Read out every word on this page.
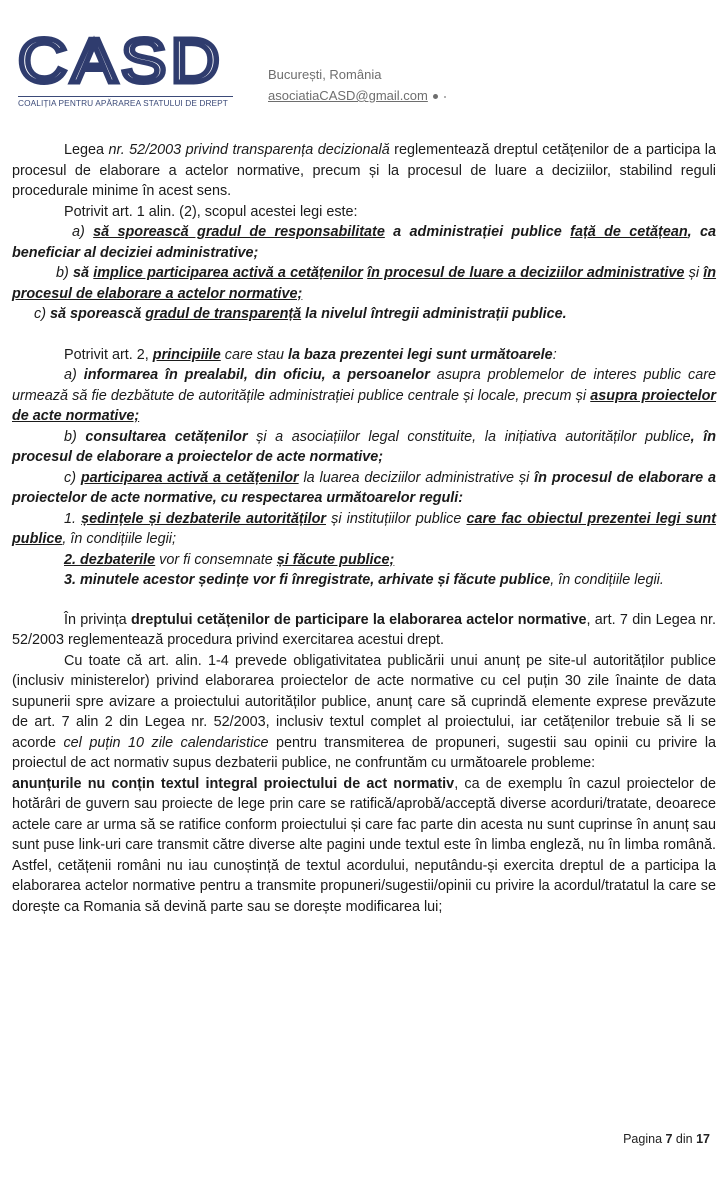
CASD
COALIȚIA PENTRU APĂRAREA STATULUI DE DREPT
București, România
asociatiaCASD@gmail.com

Legea nr. 52/2003 privind transparența decizională reglementează dreptul cetățenilor de a participa la procesul de elaborare a actelor normative, precum și la procesul de luare a deciziilor, stabilind reguli procedurale minime în acest sens.

Potrivit art. 1 alin. (2), scopul acestei legi este:

a) să sporească gradul de responsabilitate a administrației publice față de cetățean, ca beneficiar al deciziei administrative;

b) să implice participarea activă a cetățenilor în procesul de luare a deciziilor administrative și în procesul de elaborare a actelor normative;

c) să sporească gradul de transparență la nivelul întregii administrații publice.

Potrivit art. 2, principiile care stau la baza prezentei legi sunt următoarele:

a) informarea în prealabil, din oficiu, a persoanelor asupra problemelor de interes public care urmează să fie dezbătute de autoritățile administrației publice centrale și locale, precum și asupra proiectelor de acte normative;

b) consultarea cetățenilor și a asociațiilor legal constituite, la inițiativa autorităților publice, în procesul de elaborare a proiectelor de acte normative;

c) participarea activă a cetățenilor la luarea deciziilor administrative și în procesul de elaborare a proiectelor de acte normative, cu respectarea următoarelor reguli:

1. ședințele și dezbaterile autorităților și instituțiilor publice care fac obiectul prezentei legi sunt publice, în condițiile legii;

2. dezbaterile vor fi consemnate și făcute publice;

3. minutele acestor ședințe vor fi înregistrate, arhivate și făcute publice, în condițiile legii.

În privința dreptului cetățenilor de participare la elaborarea actelor normative, art. 7 din Legea nr. 52/2003 reglementează procedura privind exercitarea acestui drept.

Cu toate că art. alin. 1-4 prevede obligativitatea publicării unui anunț pe site-ul autorităților publice (inclusiv ministerelor) privind elaborarea proiectelor de acte normative cu cel puțin 30 zile înainte de data supunerii spre avizare a proiectului autorităților publice, anunț care să cuprindă elemente exprese prevăzute de art. 7 alin 2 din Legea nr. 52/2003, inclusiv textul complet al proiectului, iar cetățenilor trebuie să li se acorde cel puțin 10 zile calendaristice pentru transmiterea de propuneri, sugestii sau opinii cu privire la proiectul de act normativ supus dezbaterii publice, ne confruntăm cu următoarele probleme:

anunțurile nu conțin textul integral proiectului de act normativ, ca de exemplu în cazul proiectelor de hotărâri de guvern sau proiecte de lege prin care se ratifică/aprobă/acceptă diverse acorduri/tratate, deoarece actele care ar urma să se ratifice conform proiectului și care fac parte din acesta nu sunt cuprinse în anunț sau sunt puse link-uri care transmit către diverse alte pagini unde textul este în limba engleză, nu în limba română. Astfel, cetățenii români nu iau cunoștință de textul acordului, neputându-și exercita dreptul de a participa la elaborarea actelor normative pentru a transmite propuneri/sugestii/opinii cu privire la acordul/tratatul la care se dorește ca Romania să devină parte sau se dorește modificarea lui;

Pagina 7 din 17
